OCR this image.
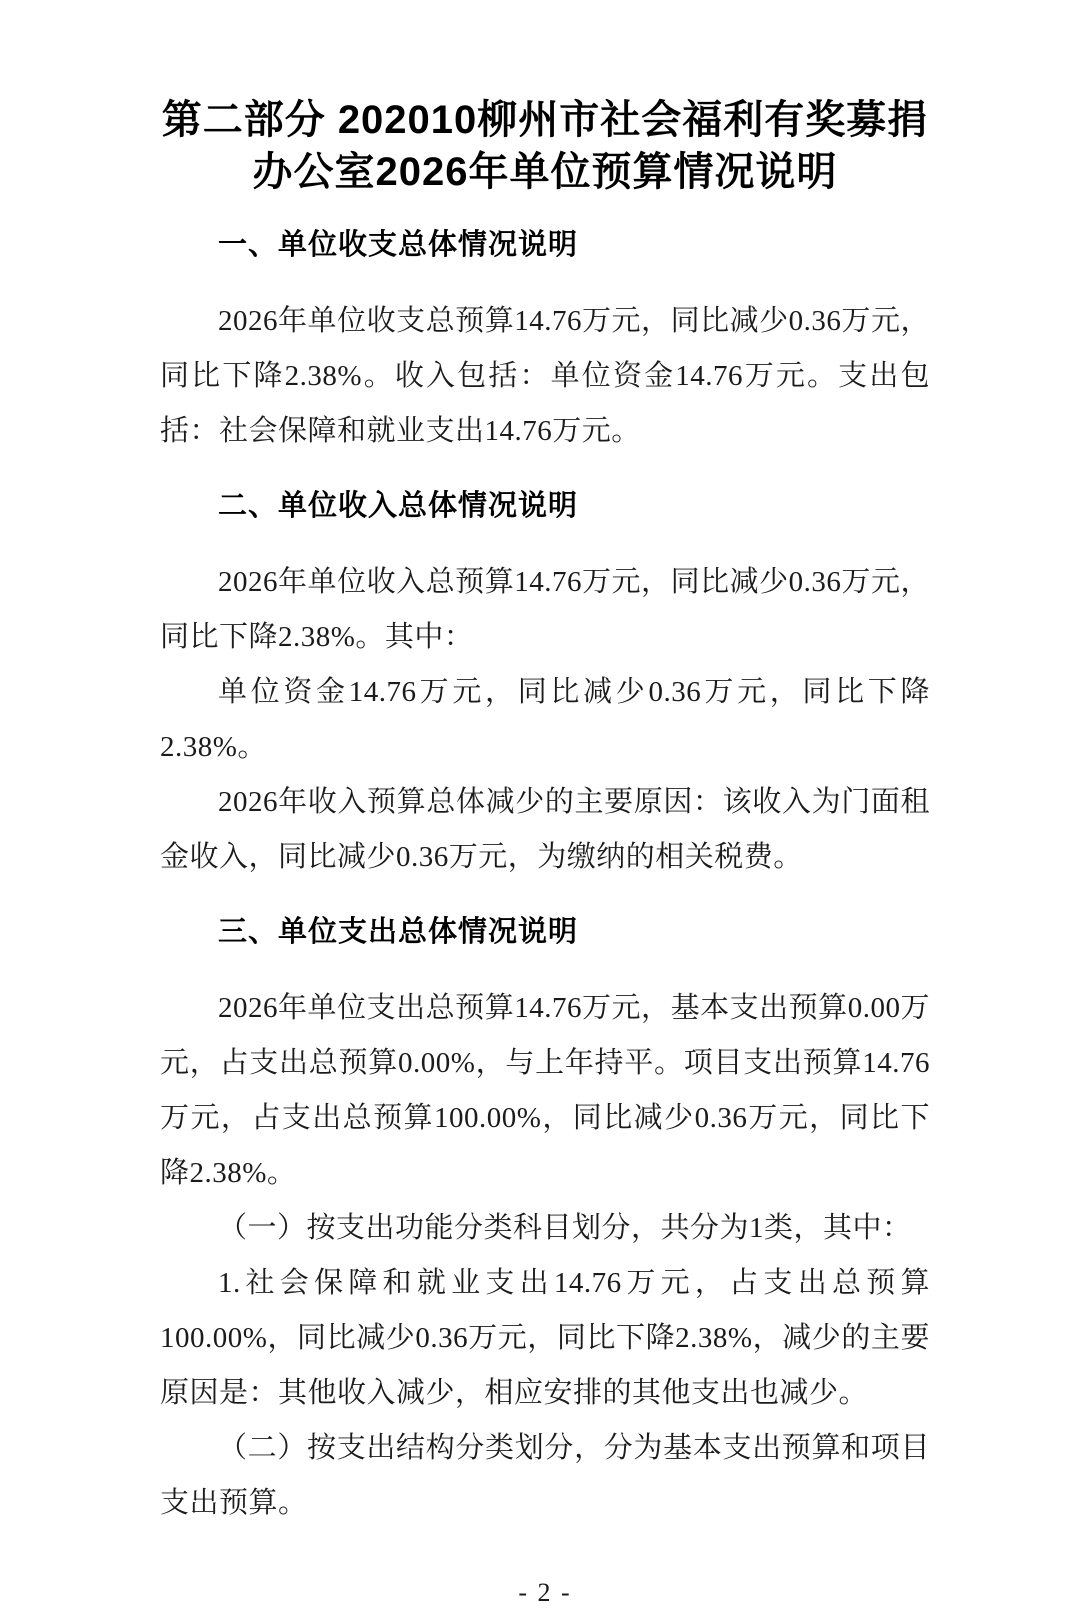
第二部分 202010柳州市社会福利有奖募捐
办公室2026年单位预算情况说明
一、单位收支总体情况说明

2026年单位收支总预算14.76万元，同比减少0.36万元，同比下降2.38%。收入包括：单位资金14.76万元。支出包括：社会保障和就业支出14.76万元。

二、单位收入总体情况说明

2026年单位收入总预算14.76万元，同比减少0.36万元，同比下降2.38%。其中：

单位资金14.76万元，同比减少0.36万元，同比下降2.38%。

2026年收入预算总体减少的主要原因：该收入为门面租金收入，同比减少0.36万元，为缴纳的相关税费。

三、单位支出总体情况说明

2026年单位支出总预算14.76万元，基本支出预算0.00万元，占支出总预算0.00%，与上年持平。项目支出预算14.76万元，占支出总预算100.00%，同比减少0.36万元，同比下降2.38%。

（一）按支出功能分类科目划分，共分为1类，其中：

1.社会保障和就业支出14.76万元，占支出总预算100.00%，同比减少0.36万元，同比下降2.38%，减少的主要原因是：其他收入减少，相应安排的其他支出也减少。

（二）按支出结构分类划分，分为基本支出预算和项目支出预算。

- 2 -
